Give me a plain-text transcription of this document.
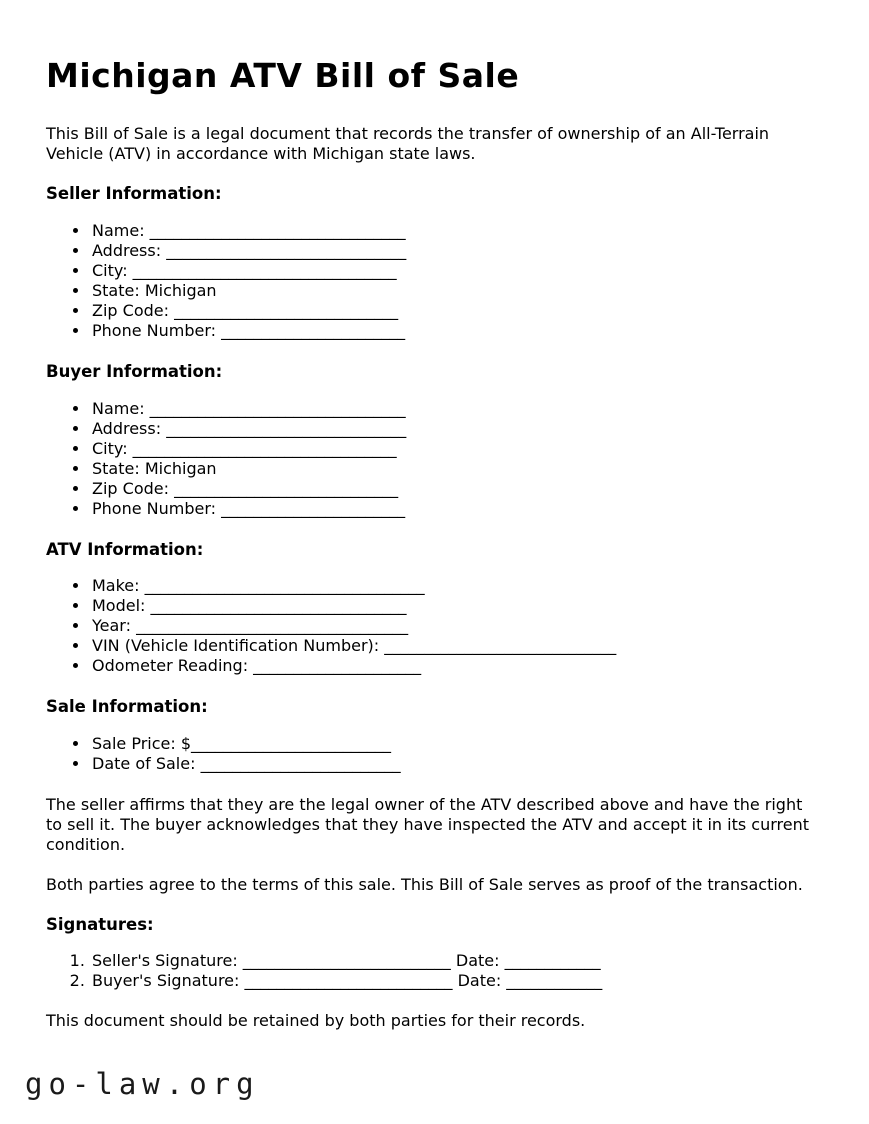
Michigan ATV Bill of Sale

This Bill of Sale is a legal document that records the transfer of ownership of an All-Terrain Vehicle (ATV) in accordance with Michigan state laws.

Seller Information:
• Name: ________________________________
• Address: ______________________________
• City: _________________________________
• State: Michigan
• Zip Code: ____________________________
• Phone Number: _______________________
Buyer Information:
• Name: ________________________________
• Address: ______________________________
• City: _________________________________
• State: Michigan
• Zip Code: ____________________________
• Phone Number: _______________________
ATV Information:
• Make: ___________________________________
• Model: ________________________________
• Year: __________________________________
• VIN (Vehicle Identification Number): _____________________________
• Odometer Reading: _____________________
Sale Information:
• Sale Price: $_________________________
• Date of Sale: _________________________

The seller affirms that they are the legal owner of the ATV described above and have the right to sell it. The buyer acknowledges that they have inspected the ATV and accept it in its current condition.

Both parties agree to the terms of this sale. This Bill of Sale serves as proof of the transaction.

Signatures:
1. Seller's Signature: __________________________ Date: ____________
2. Buyer's Signature: __________________________ Date: ____________

This document should be retained by both parties for their records.

go-law.org
